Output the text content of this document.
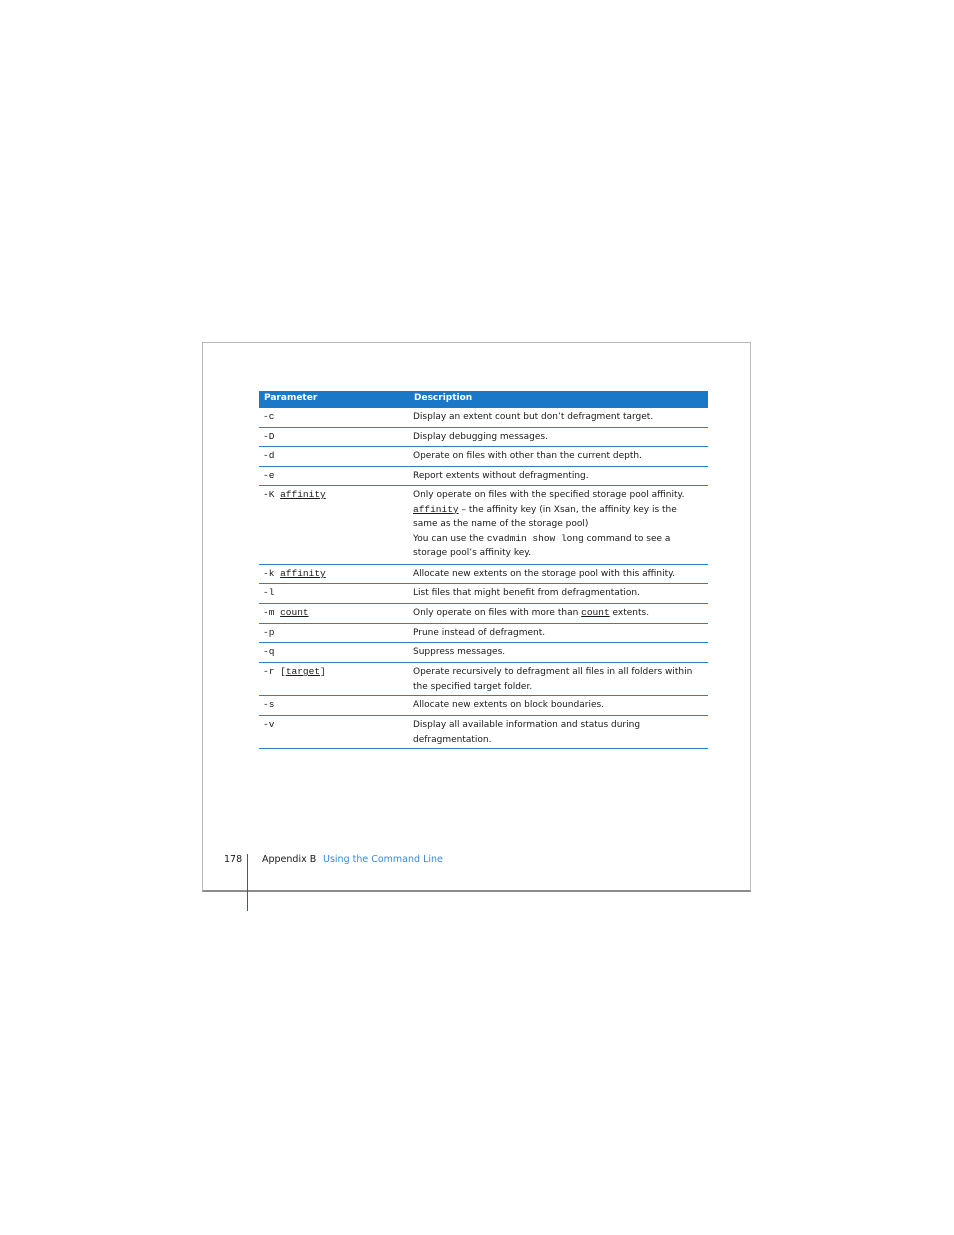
Parameter	Description
-c	Display an extent count but don’t defragment target.
-D	Display debugging messages.
-d	Operate on files with other than the current depth.
-e	Report extents without defragmenting.
-K affinity	Only operate on files with the specified storage pool affinity.
affinity – the affinity key (in Xsan, the affinity key is the same as the name of the storage pool)
You can use the cvadmin show long command to see a storage pool’s affinity key.
-k affinity	Allocate new extents on the storage pool with this affinity.
-l	List files that might benefit from defragmentation.
-m count	Only operate on files with more than count extents.
-p	Prune instead of defragment.
-q	Suppress messages.
-r [target]	Operate recursively to defragment all files in all folders within the specified target folder.
-s	Allocate new extents on block boundaries.
-v	Display all available information and status during defragmentation.
178 Appendix B Using the Command Line
